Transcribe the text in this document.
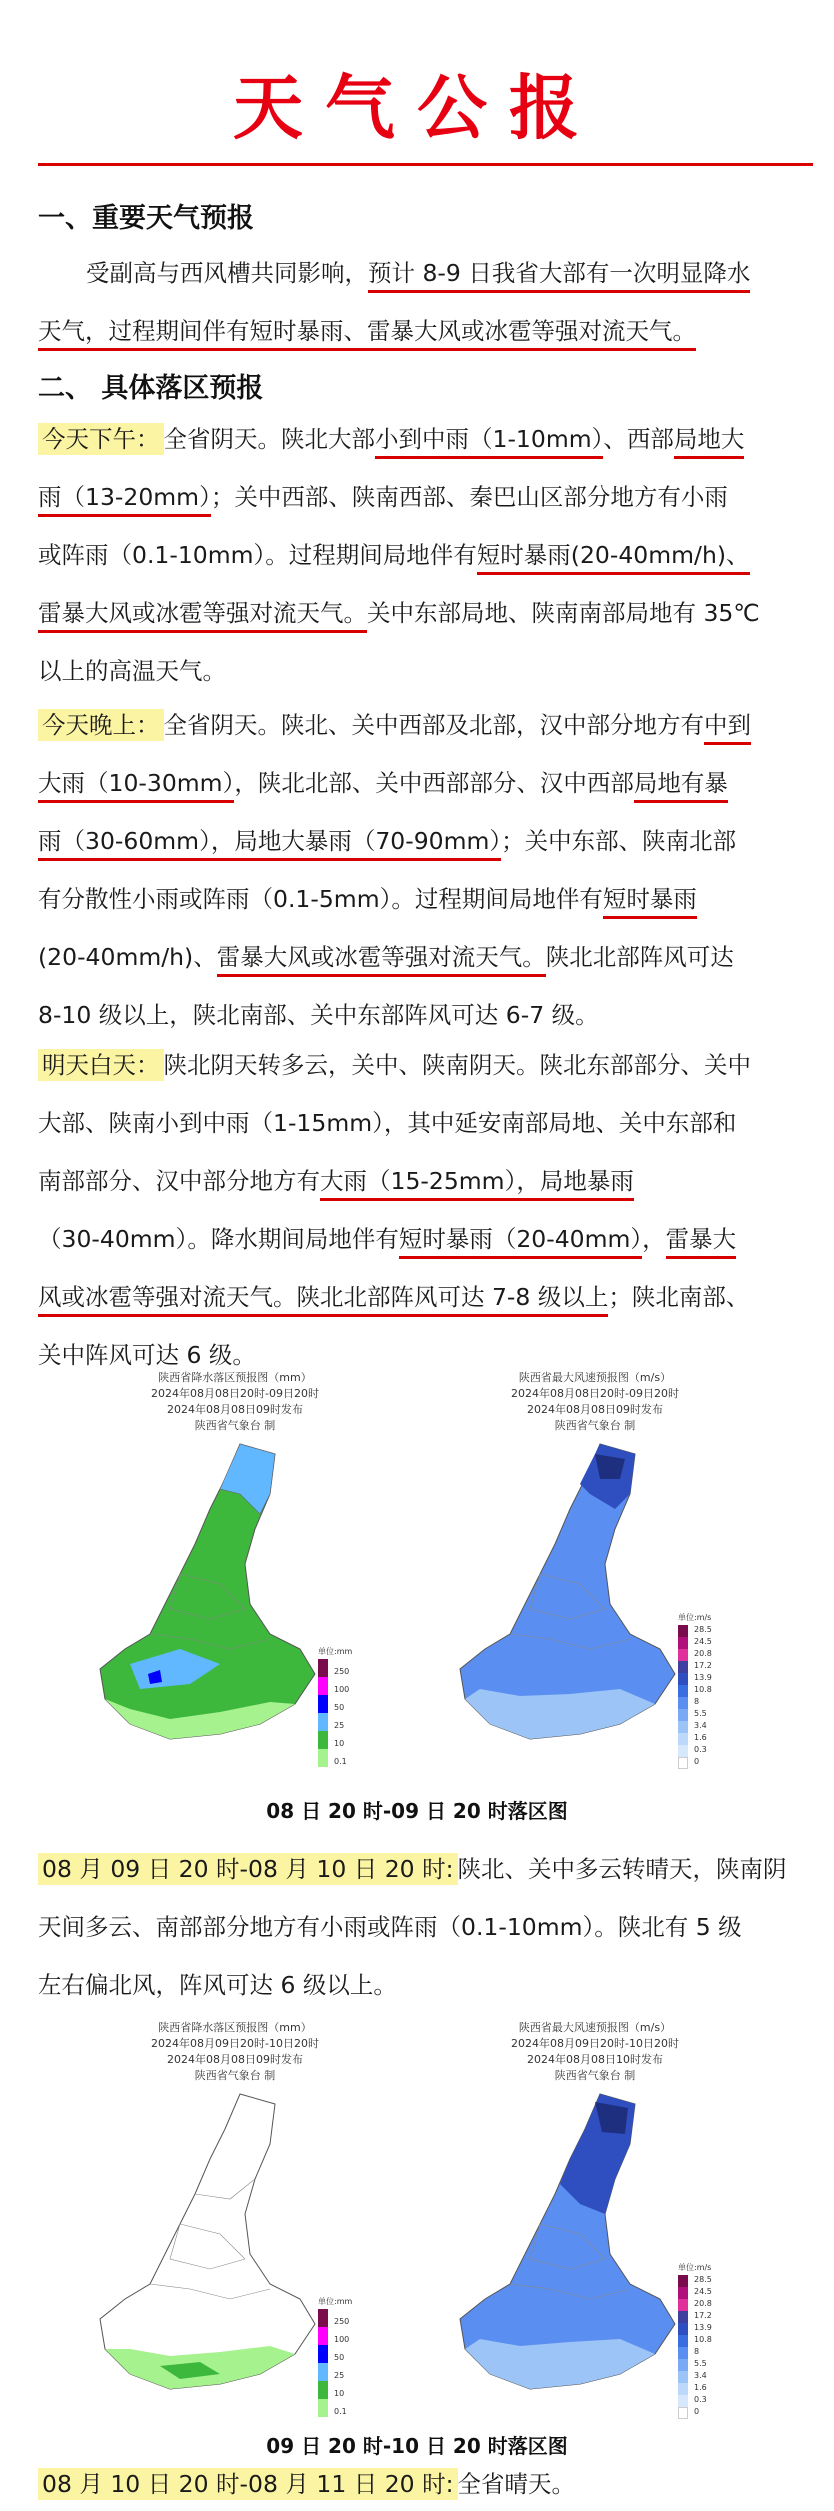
天气公报
一、重要天气预报
受副高与西风槽共同影响，预计 8-9 日我省大部有一次明显降水
天气，过程期间伴有短时暴雨、雷暴大风或冰雹等强对流天气。
二、 具体落区预报
今天下午： 全省阴天。陕北大部小到中雨（1-10mm）、西部局地大
雨（13-20mm）；关中西部、陕南西部、秦巴山区部分地方有小雨
或阵雨（0.1-10mm）。过程期间局地伴有短时暴雨(20-40mm/h)、
雷暴大风或冰雹等强对流天气。关中东部局地、陕南南部局地有 35℃
以上的高温天气。
今天晚上： 全省阴天。陕北、关中西部及北部，汉中部分地方有中到
大雨（10-30mm），陕北北部、关中西部部分、汉中西部局地有暴
雨（30-60mm），局地大暴雨（70-90mm）；关中东部、陕南北部
有分散性小雨或阵雨（0.1-5mm）。过程期间局地伴有短时暴雨
(20-40mm/h)、雷暴大风或冰雹等强对流天气。陕北北部阵风可达
8-10 级以上，陕北南部、关中东部阵风可达 6-7 级。
明天白天： 陕北阴天转多云，关中、陕南阴天。陕北东部部分、关中
大部、陕南小到中雨（1-15mm），其中延安南部局地、关中东部和
南部部分、汉中部分地方有大雨（15-25mm），局地暴雨
（30-40mm）。降水期间局地伴有短时暴雨（20-40mm），雷暴大
风或冰雹等强对流天气。陕北北部阵风可达 7-8 级以上；陕北南部、
关中阵风可达 6 级。
陕西省降水落区预报图（mm）
2024年08月08日20时-09日20时
2024年08月08日09时发布
陕西省气象台 制
单位:mm
250
100
50
25
10
0.1
陕西省最大风速预报图（m/s）
2024年08月08日20时-09日20时
2024年08月08日09时发布
陕西省气象台 制
单位:m/s
28.5
24.5
20.8
17.2
13.9
10.8
8
5.5
3.4
1.6
0.3
0
08 日 20 时-09 日 20 时落区图
08 月 09 日 20 时-08 月 10 日 20 时: 陕北、关中多云转晴天，陕南阴
天间多云、南部部分地方有小雨或阵雨（0.1-10mm）。陕北有 5 级
左右偏北风，阵风可达 6 级以上。
陕西省降水落区预报图（mm）
2024年08月09日20时-10日20时
2024年08月08日09时发布
陕西省气象台 制
单位:mm
250
100
50
25
10
0.1
陕西省最大风速预报图（m/s）
2024年08月09日20时-10日20时
2024年08月08日10时发布
陕西省气象台 制
单位:m/s
28.5
24.5
20.8
17.2
13.9
10.8
8
5.5
3.4
1.6
0.3
0
09 日 20 时-10 日 20 时落区图
08 月 10 日 20 时-08 月 11 日 20 时: 全省晴天。
